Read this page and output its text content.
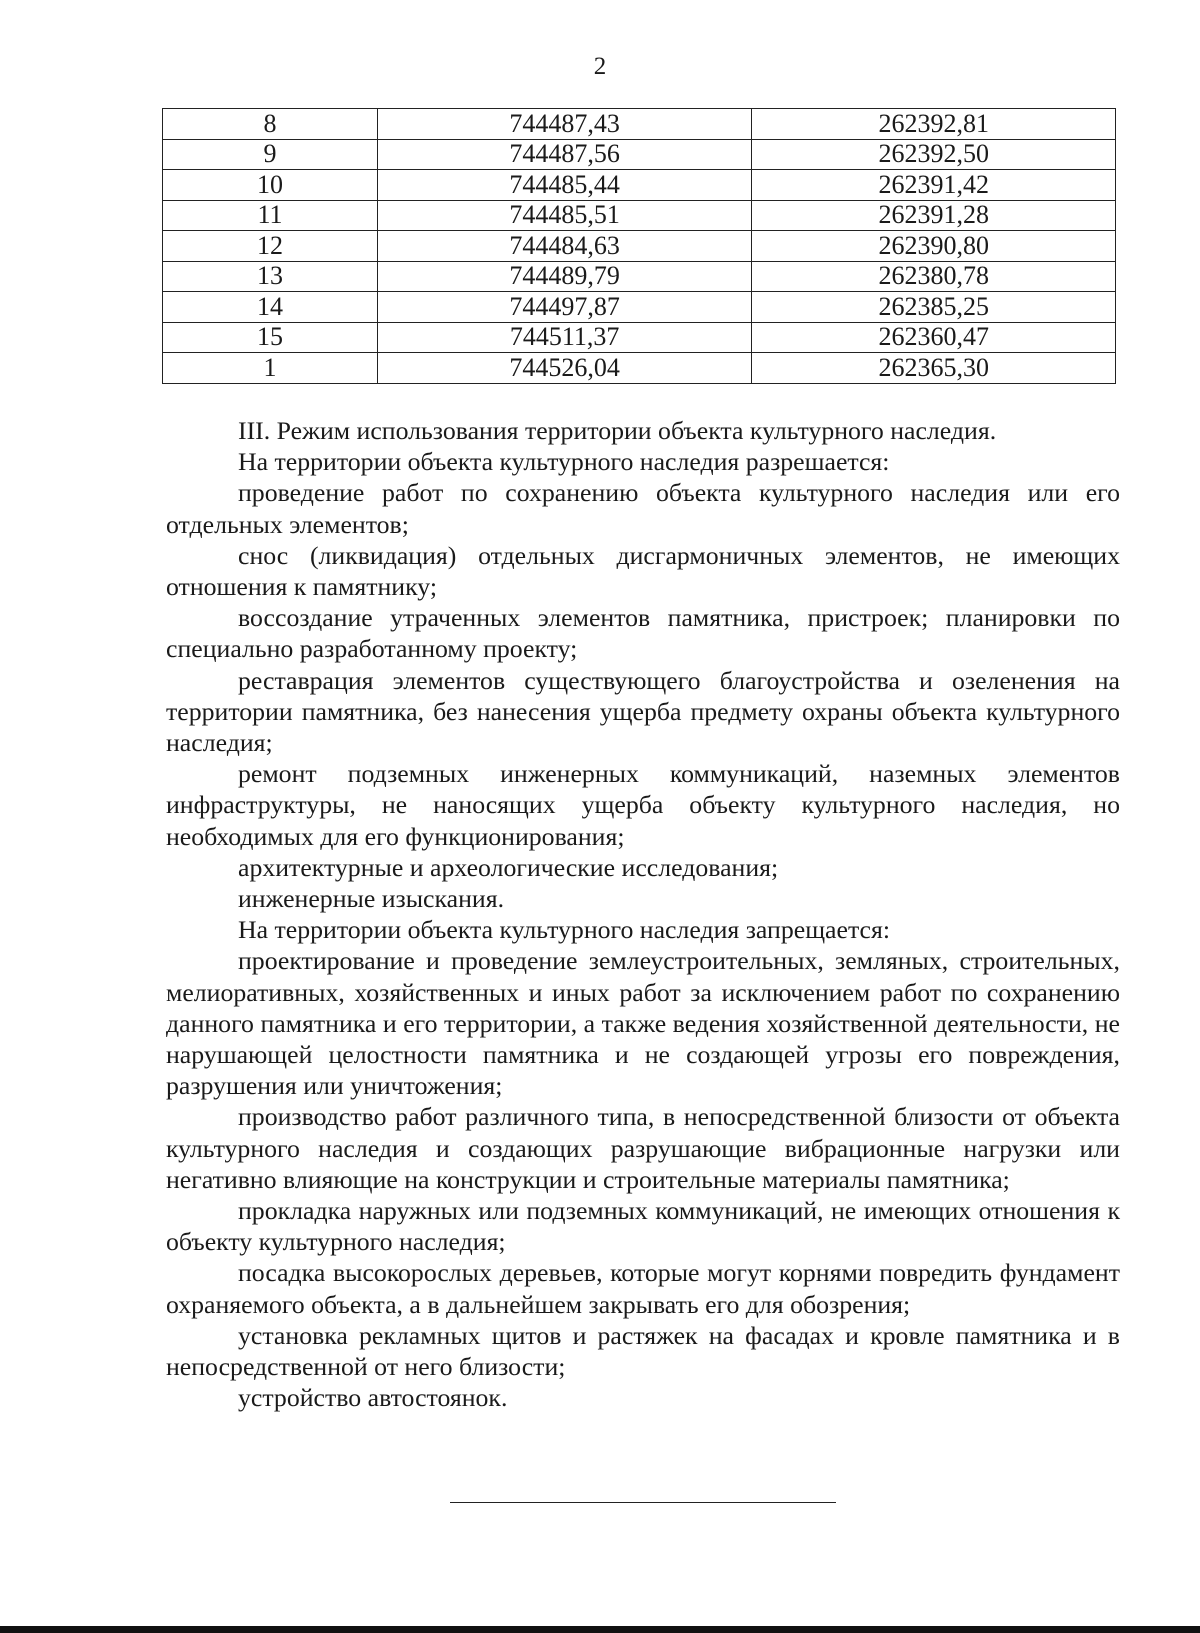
2
8	744487,43	262392,81
9	744487,56	262392,50
10	744485,44	262391,42
11	744485,51	262391,28
12	744484,63	262390,80
13	744489,79	262380,78
14	744497,87	262385,25
15	744511,37	262360,47
1	744526,04	262365,30

III. Режим использования территории объекта культурного наследия.

На территории объекта культурного наследия разрешается:

проведение работ по сохранению объекта культурного наследия или его отдельных элементов;

снос (ликвидация) отдельных дисгармоничных элементов, не имеющих отношения к памятнику;

воссоздание утраченных элементов памятника, пристроек; планировки по специально разработанному проекту;

реставрация элементов существующего благоустройства и озеленения на территории памятника, без нанесения ущерба предмету охраны объекта культурного наследия;

ремонт подземных инженерных коммуникаций, наземных элементов инфраструктуры, не наносящих ущерба объекту культурного наследия, но необходимых для его функционирования;

архитектурные и археологические исследования;

инженерные изыскания.

На территории объекта культурного наследия запрещается:

проектирование и проведение землеустроительных, земляных, строительных, мелиоративных, хозяйственных и иных работ за исключением работ по сохранению данного памятника и его территории, а также ведения хозяйственной деятельности, не нарушающей целостности памятника и не создающей угрозы его повреждения, разрушения или уничтожения;

производство работ различного типа, в непосредственной близости от объекта культурного наследия и создающих разрушающие вибрационные нагрузки или негативно влияющие на конструкции и строительные материалы памятника;

прокладка наружных или подземных коммуникаций, не имеющих отношения к объекту культурного наследия;

посадка высокорослых деревьев, которые могут корнями повредить фундамент охраняемого объекта, а в дальнейшем закрывать его для обозрения;

установка рекламных щитов и растяжек на фасадах и кровле памятника и в непосредственной от него близости;

устройство автостоянок.
